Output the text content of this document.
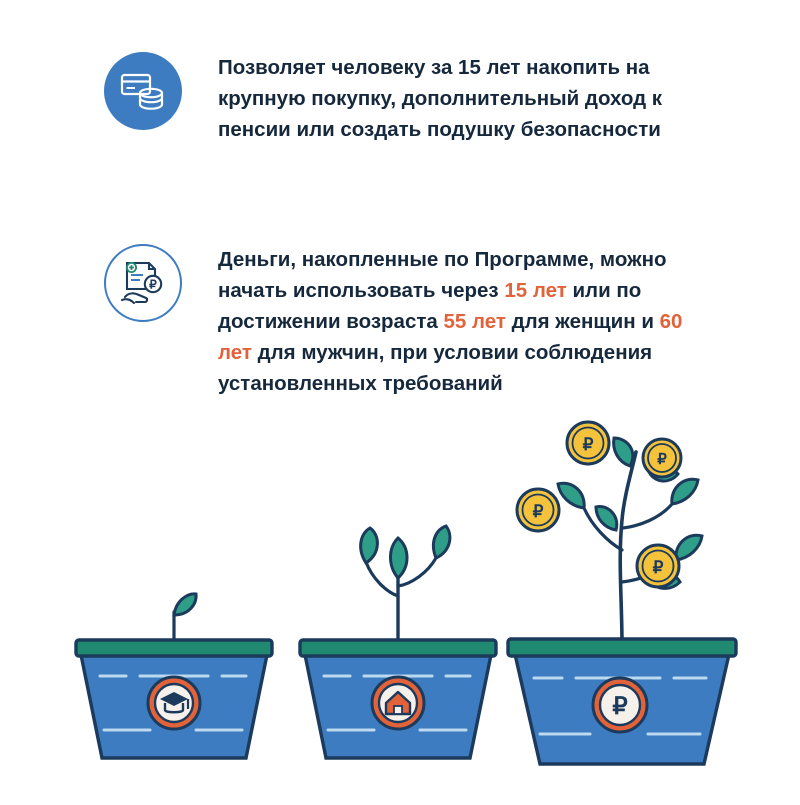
Позволяет человеку за 15 лет накопить на крупную покупку, дополнительный доход к пенсии или создать подушку безопасности
₽
Деньги, накопленные по Программе, можно начать использовать через 15 лет или по достижении возраста 55 лет для женщин и 60 лет для мужчин, при условии соблюдения установленных требований
₽
₽
₽
₽
₽
